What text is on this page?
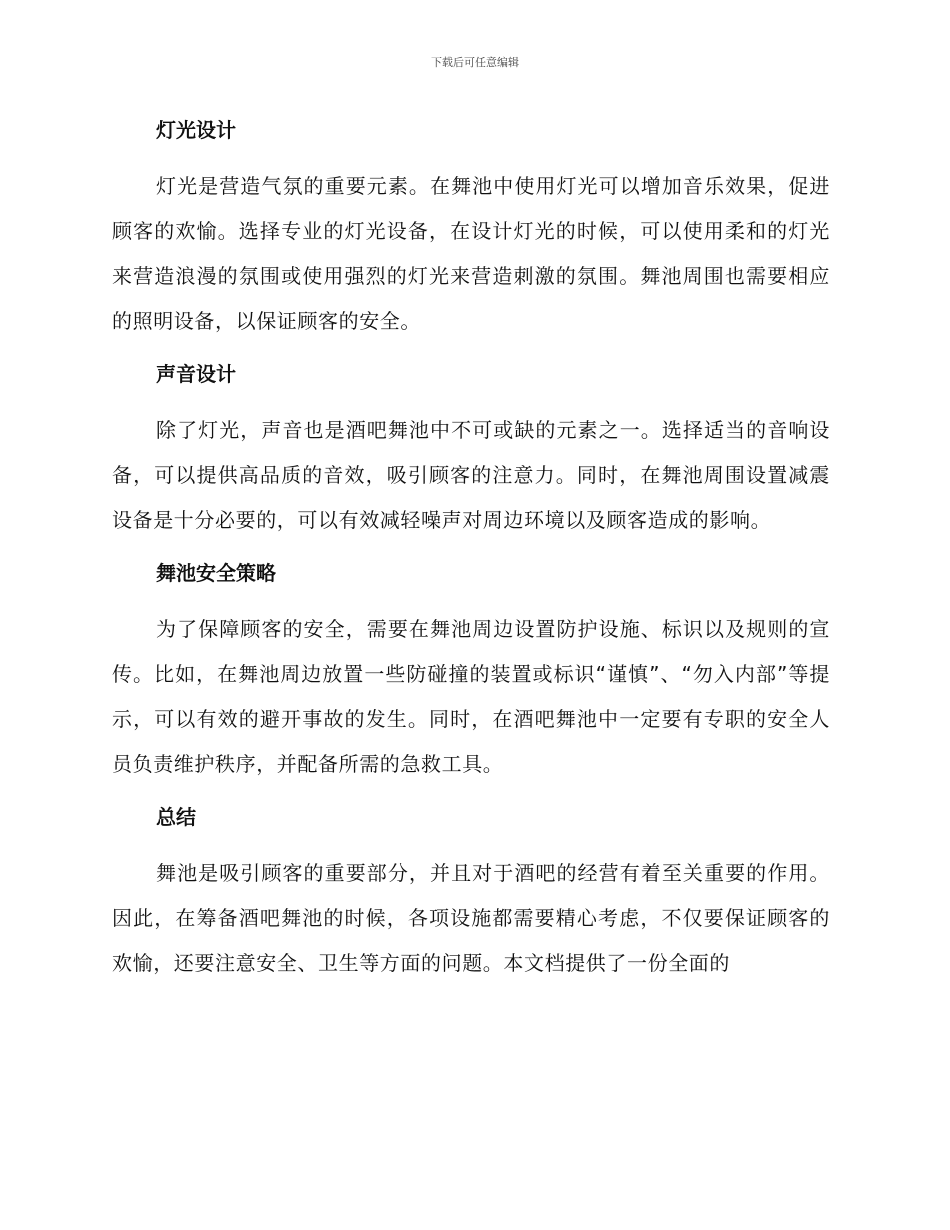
下载后可任意编辑
灯光设计

灯光是营造气氛的重要元素。在舞池中使用灯光可以增加音乐效果，促进顾客的欢愉。选择专业的灯光设备，在设计灯光的时候，可以使用柔和的灯光来营造浪漫的氛围或使用强烈的灯光来营造刺激的氛围。舞池周围也需要相应的照明设备，以保证顾客的安全。

声音设计

除了灯光，声音也是酒吧舞池中不可或缺的元素之一。选择适当的音响设备，可以提供高品质的音效，吸引顾客的注意力。同时，在舞池周围设置减震设备是十分必要的，可以有效减轻噪声对周边环境以及顾客造成的影响。

舞池安全策略

为了保障顾客的安全，需要在舞池周边设置防护设施、标识以及规则的宣传。比如，在舞池周边放置一些防碰撞的装置或标识“谨慎”、“勿入内部”等提示，可以有效的避开事故的发生。同时，在酒吧舞池中一定要有专职的安全人员负责维护秩序，并配备所需的急救工具。

总结

舞池是吸引顾客的重要部分，并且对于酒吧的经营有着至关重要的作用。因此，在筹备酒吧舞池的时候，各项设施都需要精心考虑，不仅要保证顾客的欢愉，还要注意安全、卫生等方面的问题。本文档提供了一份全面的
